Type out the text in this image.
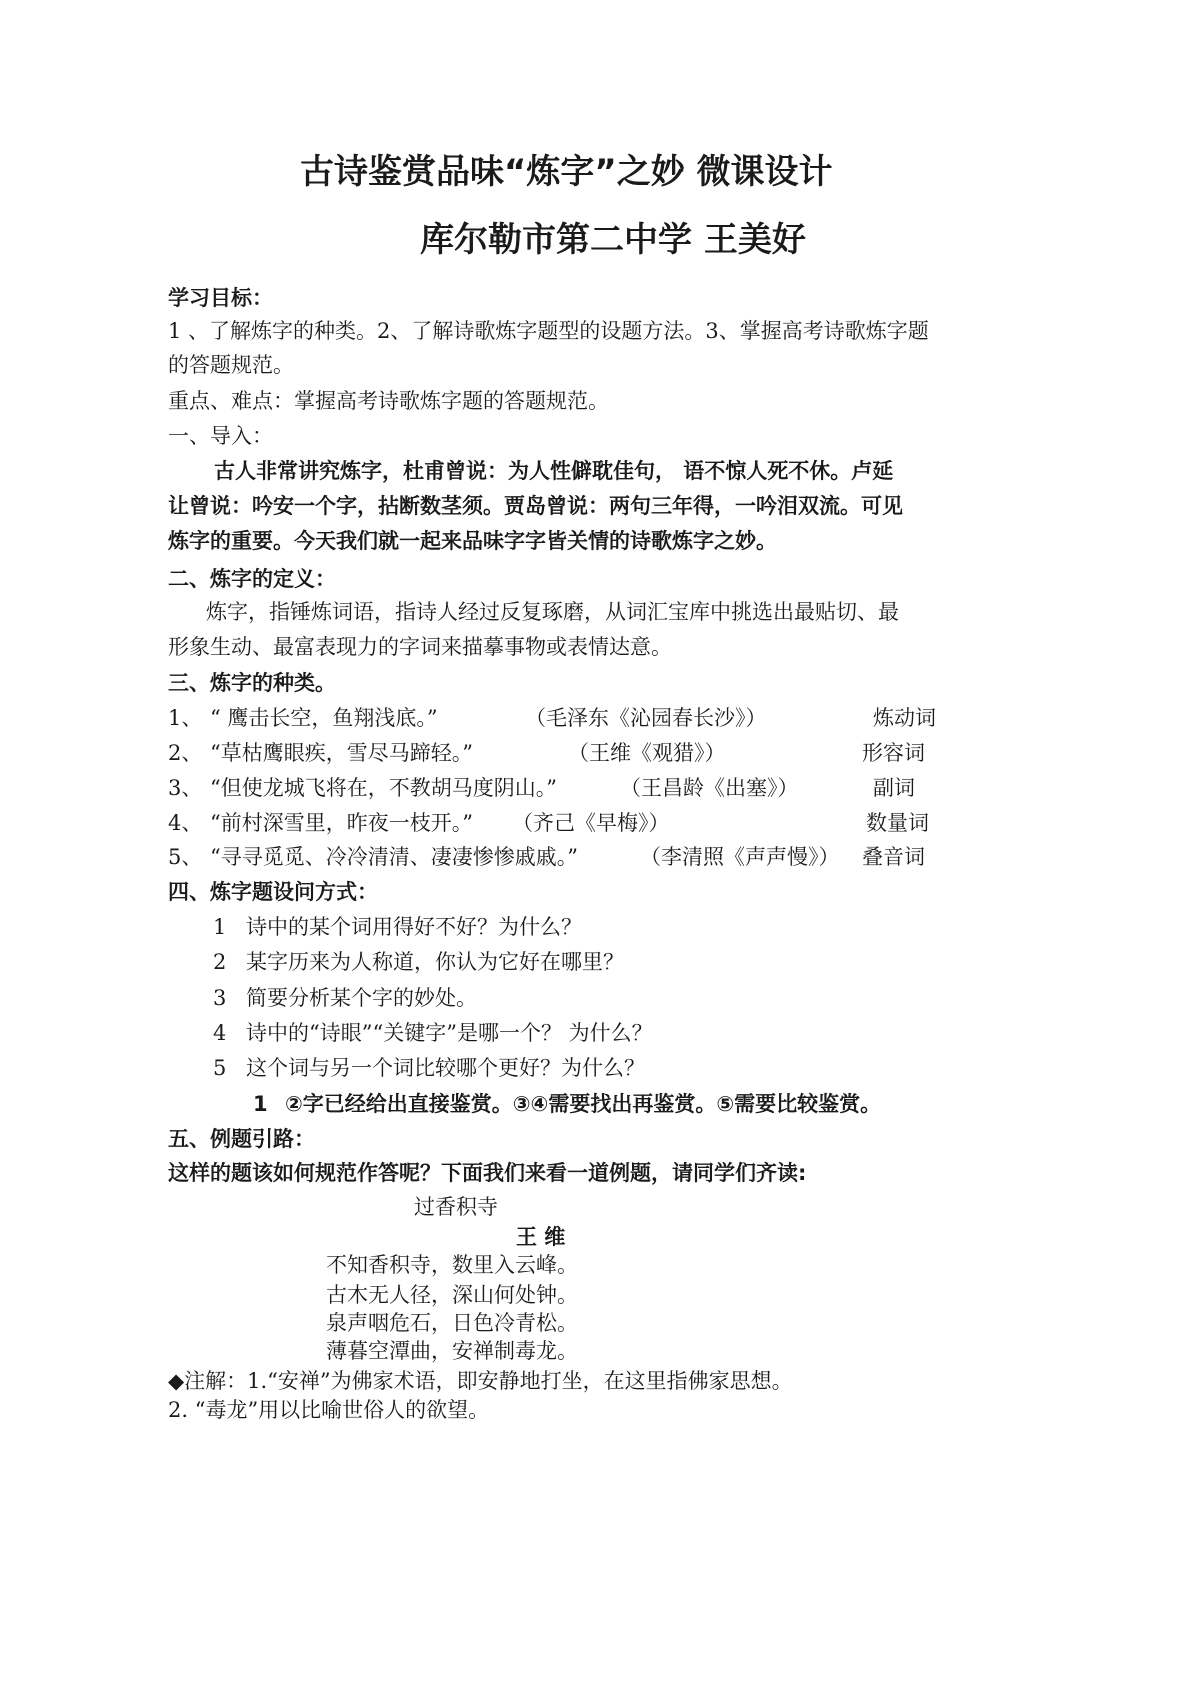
古诗鉴赏品味“炼字”之妙 微课设计
库尔勒市第二中学 王美好
学习目标：
1 、了解炼字的种类。2、了解诗歌炼字题型的设题方法。3、掌握高考诗歌炼字题
的答题规范。
重点、难点：掌握高考诗歌炼字题的答题规范。
一、导入：
古人非常讲究炼字，杜甫曾说：为人性僻耽佳句， 语不惊人死不休。卢延
让曾说：吟安一个字，拈断数茎须。贾岛曾说：两句三年得，一吟泪双流。可见
炼字的重要。今天我们就一起来品味字字皆关情的诗歌炼字之妙。
二、炼字的定义：
炼字，指锤炼词语，指诗人经过反复琢磨，从词汇宝库中挑选出最贴切、最
形象生动、最富表现力的字词来描摹事物或表情达意。
三、炼字的种类。
1、 “ 鹰击长空，鱼翔浅底。”	（毛泽东《沁园春长沙》）	炼动词
2、 “草枯鹰眼疾，雪尽马蹄轻。”	（王维《观猎》）	形容词
3、 “但使龙城飞将在，不教胡马度阴山。”	（王昌龄《出塞》）	副词
4、 “前村深雪里，昨夜一枝开。” （齐己《早梅》）	数量词
5、 “寻寻觅觅、冷冷清清、凄凄惨惨戚戚。”	（李清照《声声慢》） 叠音词
四、炼字题设问方式：
1 诗中的某个词用得好不好？为什么？
2 某字历来为人称道，你认为它好在哪里？
3 简要分析某个字的妙处。
4 诗中的“诗眼”“关键字”是哪一个？ 为什么？
5 这个词与另一个词比较哪个更好？为什么？
1 ②字已经给出直接鉴赏。③④需要找出再鉴赏。⑤需要比较鉴赏。
五、例题引路：
这样的题该如何规范作答呢？下面我们来看一道例题，请同学们齐读:
过香积寺
王 维
不知香积寺，数里入云峰。
古木无人径，深山何处钟。
泉声咽危石，日色冷青松。
薄暮空潭曲，安禅制毒龙。
◆注解：1.“安禅”为佛家术语，即安静地打坐，在这里指佛家思想。
2. “毒龙”用以比喻世俗人的欲望。
